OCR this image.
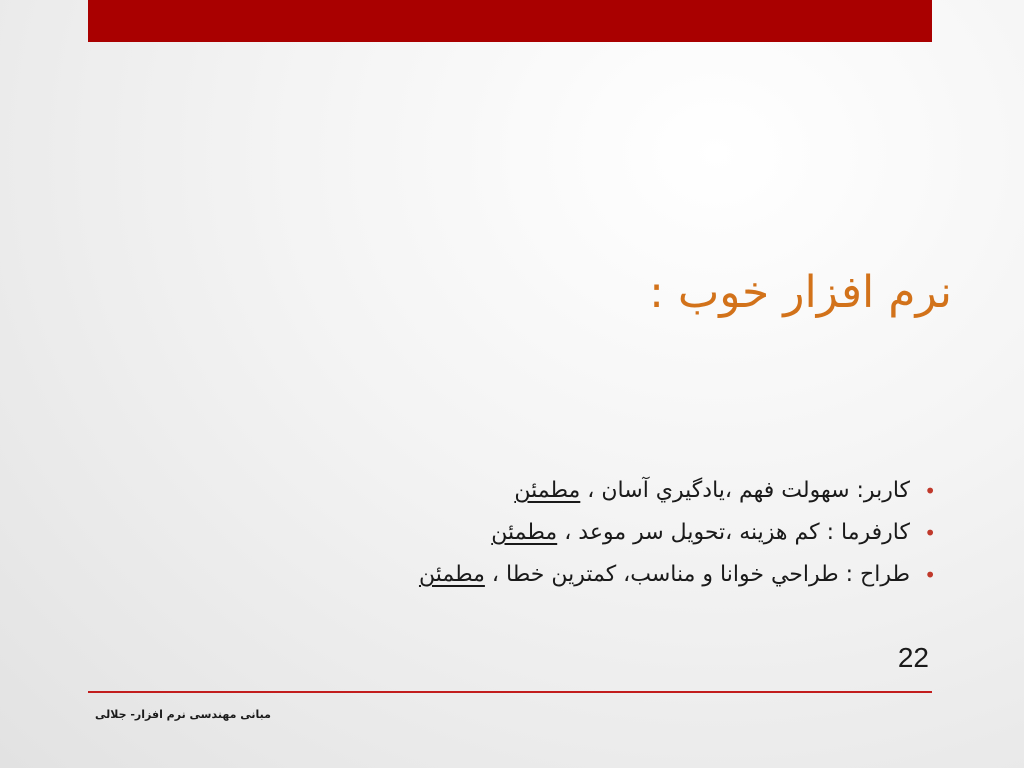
نرم افزار خوب :
•
کاربر: سهولت فهم ،يادگيري آسان ، مطمئن
•
کارفرما : کم هزينه ،تحويل سر موعد ، مطمئن
•
طراح : طراحي خوانا و مناسب، کمترين خطا ، مطمئن
22
مبانی مهندسی نرم افزار- جلالی
